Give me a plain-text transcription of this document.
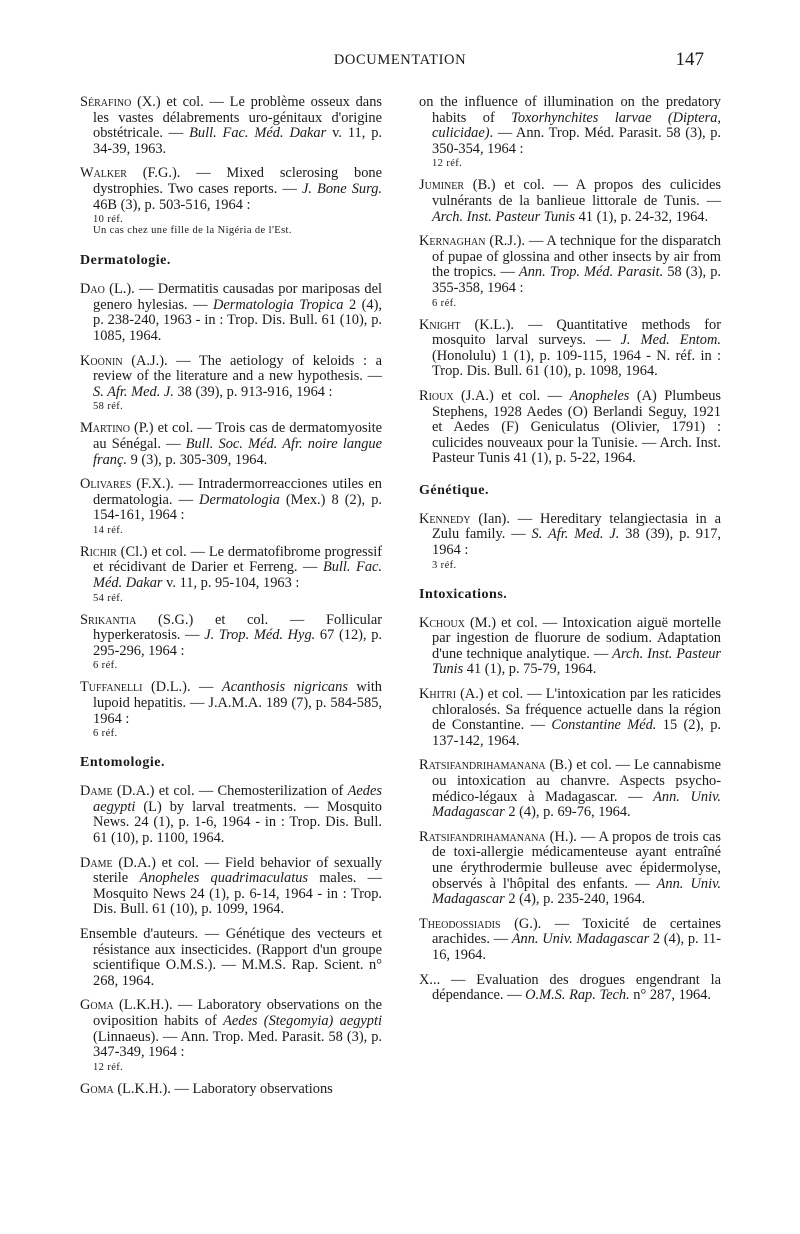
DOCUMENTATION	147
Sérafino (X.) et col. — Le problème osseux dans les vastes délabrements uro-génitaux d'origine obstétricale. — Bull. Fac. Méd. Dakar v. 11, p. 34-39, 1963.
Walker (F.G.). — Mixed sclerosing bone dystrophies. Two cases reports. — J. Bone Surg. 46B (3), p. 503-516, 1964 :
10 réf.
Un cas chez une fille de la Nigéria de l'Est.
Dermatologie.
Dao (L.). — Dermatitis causadas por mariposas del genero hylesias. — Dermatologia Tropica 2 (4), p. 238-240, 1963 - in : Trop. Dis. Bull. 61 (10), p. 1085, 1964.
Koonin (A.J.). — The aetiology of keloids : a review of the literature and a new hypothesis. — S. Afr. Med. J. 38 (39), p. 913-916, 1964 :
58 réf.
Martino (P.) et col. — Trois cas de dermatomyosite au Sénégal. — Bull. Soc. Méd. Afr. noire langue franç. 9 (3), p. 305-309, 1964.
Olivares (F.X.). — Intradermorreacciones utiles en dermatologia. — Dermatologia (Mex.) 8 (2), p. 154-161, 1964 :
14 réf.
Richir (Cl.) et col. — Le dermatofibrome progressif et récidivant de Darier et Ferreng. — Bull. Fac. Méd. Dakar v. 11, p. 95-104, 1963 :
54 réf.
Srikantia (S.G.) et col. — Follicular hyperkeratosis. — J. Trop. Méd. Hyg. 67 (12), p. 295-296, 1964 :
6 réf.
Tuffanelli (D.L.). — Acanthosis nigricans with lupoid hepatitis. — J.A.M.A. 189 (7), p. 584-585, 1964 :
6 réf.
Entomologie.
Dame (D.A.) et col. — Chemosterilization of Aedes aegypti (L) by larval treatments. — Mosquito News. 24 (1), p. 1-6, 1964 - in : Trop. Dis. Bull. 61 (10), p. 1100, 1964.
Dame (D.A.) et col. — Field behavior of sexually sterile Anopheles quadrimaculatus males. — Mosquito News 24 (1), p. 6-14, 1964 - in : Trop. Dis. Bull. 61 (10), p. 1099, 1964.
Ensemble d'auteurs. — Génétique des vecteurs et résistance aux insecticides. (Rapport d'un groupe scientifique O.M.S.). — M.M.S. Rap. Scient. n° 268, 1964.
Goma (L.K.H.). — Laboratory observations on the oviposition habits of Aedes (Stegomyia) aegypti (Linnaeus). — Ann. Trop. Med. Parasit. 58 (3), p. 347-349, 1964 :
12 réf.
Goma (L.K.H.). — Laboratory observations
on the influence of illumination on the predatory habits of Toxorhynchites larvae (Diptera, culicidae). — Ann. Trop. Méd. Parasit. 58 (3), p. 350-354, 1964 :
12 réf.
Juminer (B.) et col. — A propos des culicides vulnérants de la banlieue littorale de Tunis. — Arch. Inst. Pasteur Tunis 41 (1), p. 24-32, 1964.
Kernaghan (R.J.). — A technique for the disparatch of pupae of glossina and other insects by air from the tropics. — Ann. Trop. Méd. Parasit. 58 (3), p. 355-358, 1964 :
6 réf.
Knight (K.L.). — Quantitative methods for mosquito larval surveys. — J. Med. Entom. (Honolulu) 1 (1), p. 109-115, 1964 - N. réf. in : Trop. Dis. Bull. 61 (10), p. 1098, 1964.
Rioux (J.A.) et col. — Anopheles (A) Plumbeus Stephens, 1928 Aedes (O) Berlandi Seguy, 1921 et Aedes (F) Geniculatus (Olivier, 1791) : culicides nouveaux pour la Tunisie. — Arch. Inst. Pasteur Tunis 41 (1), p. 5-22, 1964.
Génétique.
Kennedy (Ian). — Hereditary telangiectasia in a Zulu family. — S. Afr. Med. J. 38 (39), p. 917, 1964 :
3 réf.
Intoxications.
Kchoux (M.) et col. — Intoxication aiguë mortelle par ingestion de fluorure de sodium. Adaptation d'une technique analytique. — Arch. Inst. Pasteur Tunis 41 (1), p. 75-79, 1964.
Khitri (A.) et col. — L'intoxication par les raticides chloralosés. Sa fréquence actuelle dans la région de Constantine. — Constantine Méd. 15 (2), p. 137-142, 1964.
Ratsifandrihamanana (B.) et col. — Le cannabisme ou intoxication au chanvre. Aspects psycho-médico-légaux à Madagascar. — Ann. Univ. Madagascar 2 (4), p. 69-76, 1964.
Ratsifandrihamanana (H.). — A propos de trois cas de toxi-allergie médicamenteuse ayant entraîné une érythrodermie bulleuse avec épidermolyse, observés à l'hôpital des enfants. — Ann. Univ. Madagascar 2 (4), p. 235-240, 1964.
Theodossiadis (G.). — Toxicité de certaines arachides. — Ann. Univ. Madagascar 2 (4), p. 11-16, 1964.
X... — Evaluation des drogues engendrant la dépendance. — O.M.S. Rap. Tech. n° 287, 1964.
